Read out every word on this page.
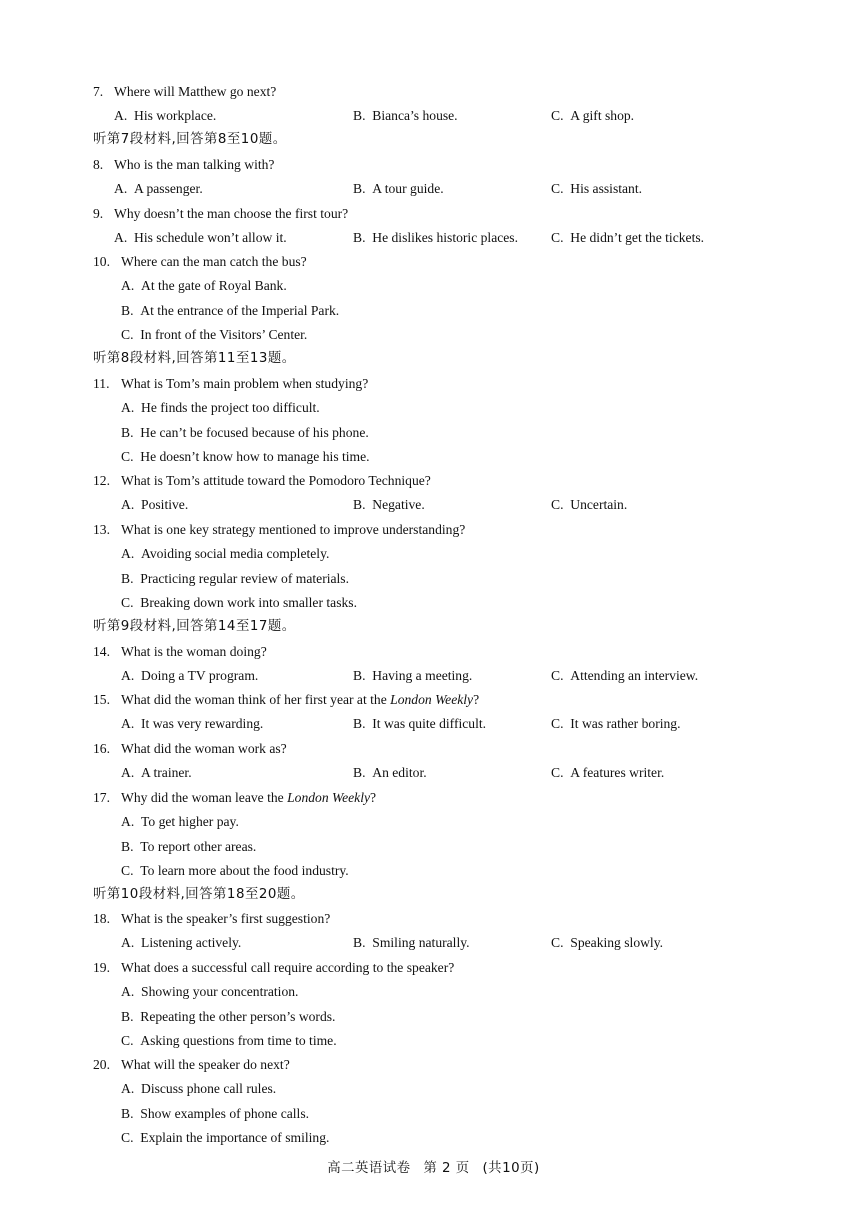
7. Where will Matthew go next?
A. His workplace.	B. Bianca’s house.	C. A gift shop.
听第7段材料,回答第8至10题。
8. Who is the man talking with?
A. A passenger.	B. A tour guide.	C. His assistant.
9. Why doesn’t the man choose the first tour?
A. His schedule won’t allow it.	B. He dislikes historic places. C. He didn’t get the tickets.
10. Where can the man catch the bus?
A. At the gate of Royal Bank.
B. At the entrance of the Imperial Park.
C. In front of the Visitors’ Center.
听第8段材料,回答第11至13题。
11. What is Tom’s main problem when studying?
A. He finds the project too difficult.
B. He can’t be focused because of his phone.
C. He doesn’t know how to manage his time.
12. What is Tom’s attitude toward the Pomodoro Technique?
A. Positive.	B. Negative.	C. Uncertain.
13. What is one key strategy mentioned to improve understanding?
A. Avoiding social media completely.
B. Practicing regular review of materials.
C. Breaking down work into smaller tasks.
听第9段材料,回答第14至17题。
14. What is the woman doing?
A. Doing a TV program.	B. Having a meeting.	C. Attending an interview.
15. What did the woman think of her first year at the London Weekly?
A. It was very rewarding.	B. It was quite difficult.	C. It was rather boring.
16. What did the woman work as?
A. A trainer.	B. An editor.	C. A features writer.
17. Why did the woman leave the London Weekly?
A. To get higher pay.
B. To report other areas.
C. To learn more about the food industry.
听第10段材料,回答第18至20题。
18. What is the speaker’s first suggestion?
A. Listening actively.	B. Smiling naturally.	C. Speaking slowly.
19. What does a successful call require according to the speaker?
A. Showing your concentration.
B. Repeating the other person’s words.
C. Asking questions from time to time.
20. What will the speaker do next?
A. Discuss phone call rules.
B. Show examples of phone calls.
C. Explain the importance of smiling.
高二英语试卷 第 2 页 (共10页)
